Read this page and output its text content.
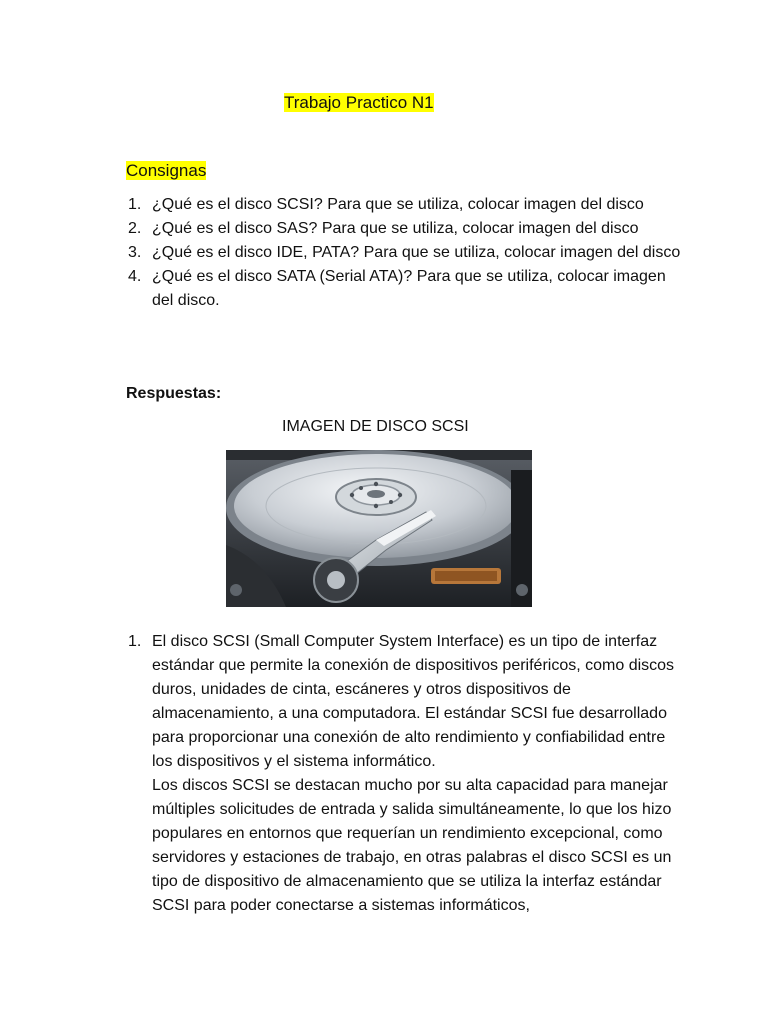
Trabajo Practico N1
Consignas
1. ¿Qué es el disco SCSI? Para que se utiliza, colocar imagen del disco
2. ¿Qué es el disco SAS? Para que se utiliza, colocar imagen del disco
3. ¿Qué es el disco IDE, PATA? Para que se utiliza, colocar imagen del disco
4. ¿Qué es el disco SATA (Serial ATA)? Para que se utiliza, colocar imagen del disco.
Respuestas:
IMAGEN DE DISCO SCSI
1. El disco SCSI (Small Computer System Interface) es un tipo de interfaz estándar que permite la conexión de dispositivos periféricos, como discos duros, unidades de cinta, escáneres y otros dispositivos de almacenamiento, a una computadora. El estándar SCSI fue desarrollado para proporcionar una conexión de alto rendimiento y confiabilidad entre los dispositivos y el sistema informático.
Los discos SCSI se destacan mucho por su alta capacidad para manejar múltiples solicitudes de entrada y salida simultáneamente, lo que los hizo populares en entornos que requerían un rendimiento excepcional, como servidores y estaciones de trabajo, en otras palabras el disco SCSI es un tipo de dispositivo de almacenamiento que se utiliza la interfaz estándar SCSI para poder conectarse a sistemas informáticos,
